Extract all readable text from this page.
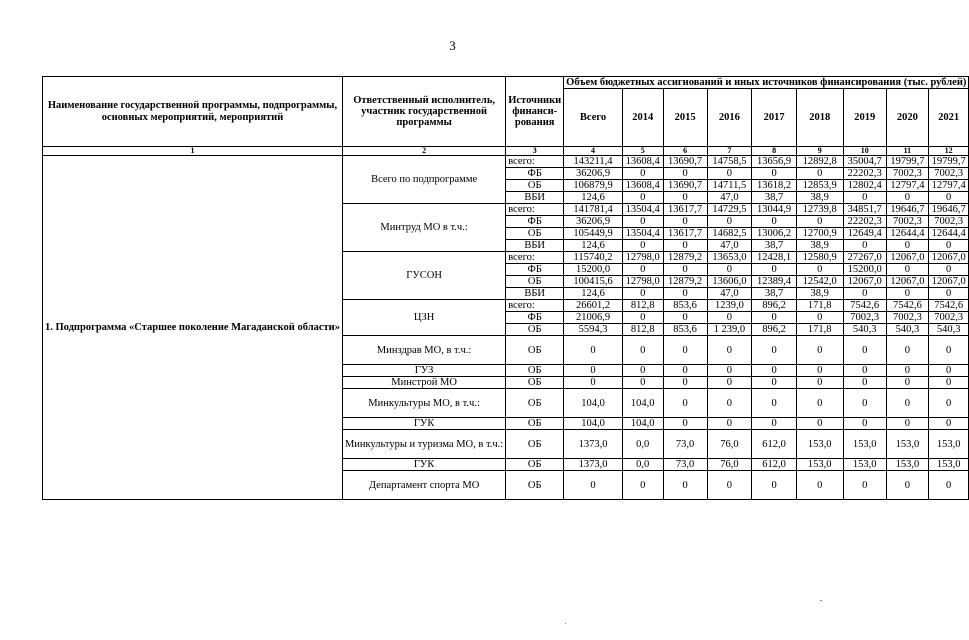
3
Наименование государственной программы, подпрограммы, основных мероприятий, мероприятий	Ответственный исполнитель, участник государственной программы	Источники финанси-рования	Объем бюджетных ассигнований и иных источников финансирования (тыс. рублей)								
			Всего	2014	2015	2016	2017	2018	2019	2020	2021
1	2	3	4	5	6	7	8	9	10	11	12
1. Подпрограмма «Старшее поколение Магаданской области»	Всего по подпрограмме	всего:	143211,4	13608,4	13690,7	14758,5	13656,9	12892,8	35004,7	19799,7	19799,7
		ФБ	36206,9	0	0	0	0	0	22202,3	7002,3	7002,3
		ОБ	106879,9	13608,4	13690,7	14711,5	13618,2	12853,9	12802,4	12797,4	12797,4
		ВБИ	124,6	0	0	47,0	38,7	38,9	0	0	0
	Минтруд МО в т.ч.:	всего:	141781,4	13504,4	13617,7	14729,5	13044,9	12739,8	34851,7	19646,7	19646,7
		ФБ	36206,9	0	0	0	0	0	22202,3	7002,3	7002,3
		ОБ	105449,9	13504,4	13617,7	14682,5	13006,2	12700,9	12649,4	12644,4	12644,4
		ВБИ	124,6	0	0	47,0	38,7	38,9	0	0	0
	ГУСОН	всего:	115740,2	12798,0	12879,2	13653,0	12428,1	12580,9	27267,0	12067,0	12067,0
		ФБ	15200,0	0	0	0	0	0	15200,0	0	0
		ОБ	100415,6	12798,0	12879,2	13606,0	12389,4	12542,0	12067,0	12067,0	12067,0
		ВБИ	124,6	0	0	47,0	38,7	38,9	0	0	0
	ЦЗН	всего:	26601,2	812,8	853,6	1239,0	896,2	171,8	7542,6	7542,6	7542,6
		ФБ	21006,9	0	0	0	0	0	7002,3	7002,3	7002,3
		ОБ	5594,3	812,8	853,6	1 239,0	896,2	171,8	540,3	540,3	540,3
	Минздрав МО, в т.ч.:	ОБ	0	0	0	0	0	0	0	0	0
	ГУЗ	ОБ	0	0	0	0	0	0	0	0	0
	Минстрой МО	ОБ	0	0	0	0	0	0	0	0	0
	Минкультуры МО, в т.ч.:	ОБ	104,0	104,0	0	0	0	0	0	0	0
	ГУК	ОБ	104,0	104,0	0	0	0	0	0	0	0
	Минкультуры и туризма МО, в т.ч.:	ОБ	1373,0	0,0	73,0	76,0	612,0	153,0	153,0	153,0	153,0
	ГУК	ОБ	1373,0	0,0	73,0	76,0	612,0	153,0	153,0	153,0	153,0
	Департамент спорта МО	ОБ	0	0	0	0	0	0	0	0	0
